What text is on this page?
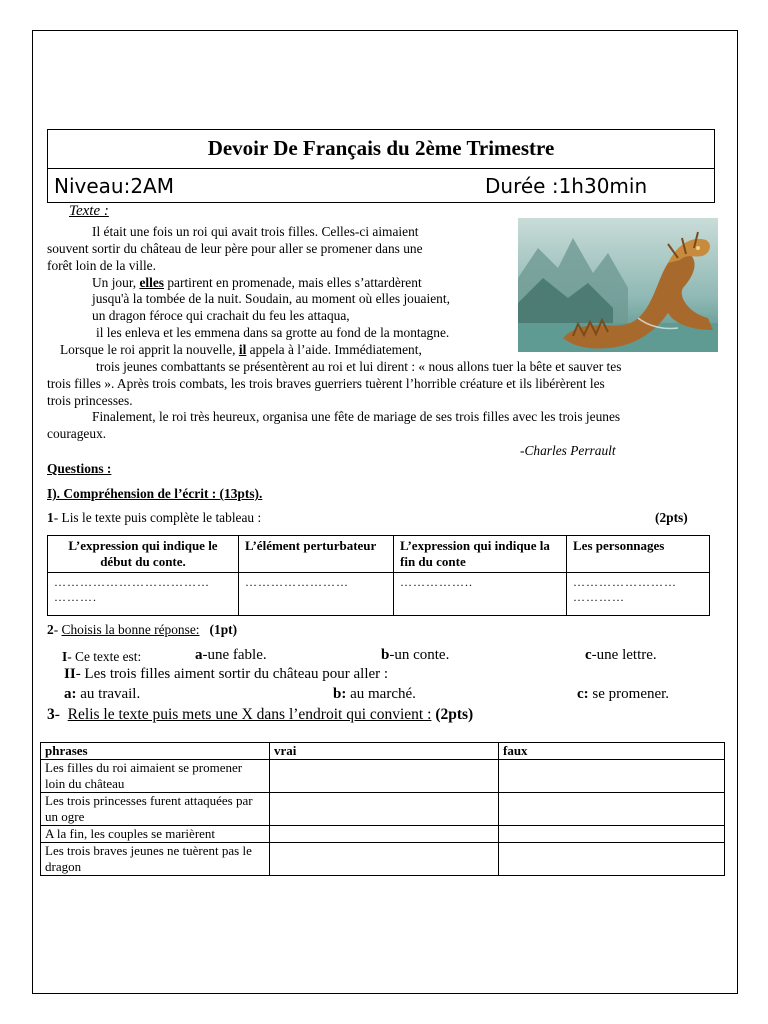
Devoir De Français du 2ème Trimestre
Niveau:2AM	Durée :1h30min
Texte :
Il était une fois un roi qui avait trois filles. Celles-ci aimaient
souvent sortir du château de leur père pour aller se promener dans une
forêt loin de la ville.
Un jour, elles partirent en promenade, mais elles s’attardèrent
jusqu'à la tombée de la nuit. Soudain, au moment où elles jouaient,
un dragon féroce qui crachait du feu les attaqua,
il les enleva et les emmena dans sa grotte au fond de la montagne.
Lorsque le roi apprit la nouvelle, il appela à l’aide. Immédiatement,
trois jeunes combattants se présentèrent au roi et lui dirent : « nous allons tuer la bête et sauver tes
trois filles ». Après trois combats, les trois braves guerriers tuèrent l’horrible créature et ils libérèrent les
trois princesses.
Finalement, le roi très heureux, organisa une fête de mariage de ses trois filles avec les trois jeunes
courageux.
-Charles Perrault
Questions :
I). Compréhension de l’écrit : (13pts).
1- Lis le texte puis complète le tableau :	(2pts)
L’expression qui indique le début du conte.	L’élément perturbateur	L’expression qui indique la fin du conte	Les personnages
……………………………… ……….	……………………	……………..	…………………… …………
2- Choisis la bonne réponse: (1pt)
I- Ce texte est:	a-une fable.	b-un conte.	c-une lettre.
II- Les trois filles aiment sortir du château pour aller :
a: au travail.	b: au marché.	c: se promener.
3-  Relis le texte puis mets une X dans l’endroit qui convient : (2pts)
phrases	vrai	faux
Les filles du roi aimaient se promener loin du château		
Les trois princesses furent attaquées par un ogre		
A la fin, les couples se marièrent		
Les trois braves jeunes ne tuèrent pas le dragon		
